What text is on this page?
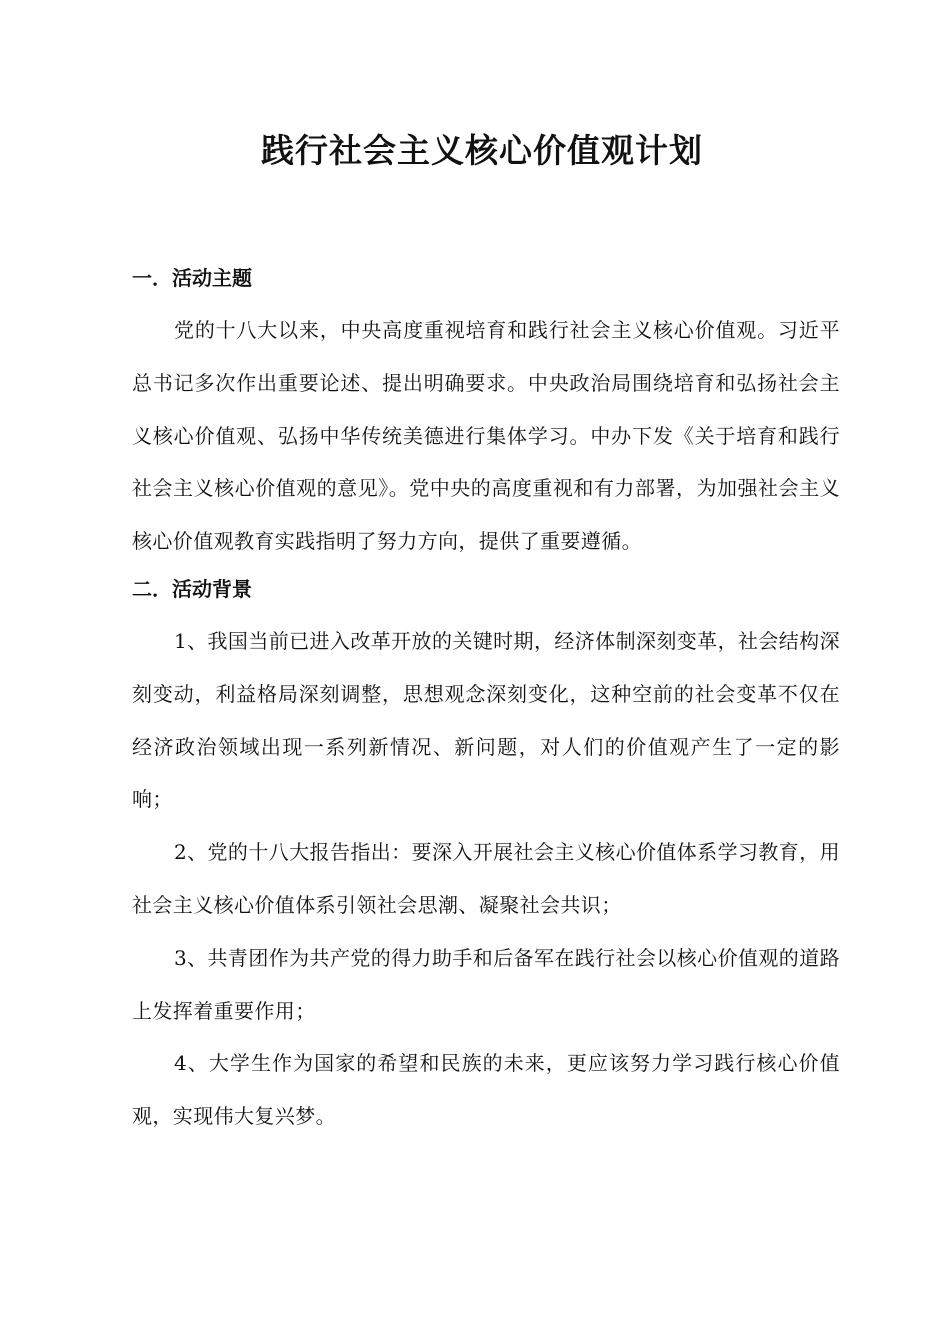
践行社会主义核心价值观计划
一．活动主题

党的十八大以来，中央高度重视培育和践行社会主义核心价值观。习近平总书记多次作出重要论述、提出明确要求。中央政治局围绕培育和弘扬社会主义核心价值观、弘扬中华传统美德进行集体学习。中办下发《关于培育和践行社会主义核心价值观的意见》。党中央的高度重视和有力部署，为加强社会主义核心价值观教育实践指明了努力方向，提供了重要遵循。

二．活动背景

1、我国当前已进入改革开放的关键时期，经济体制深刻变革，社会结构深刻变动，利益格局深刻调整，思想观念深刻变化，这种空前的社会变革不仅在经济政治领域出现一系列新情况、新问题，对人们的价值观产生了一定的影响；

2、党的十八大报告指出：要深入开展社会主义核心价值体系学习教育，用社会主义核心价值体系引领社会思潮、凝聚社会共识；

3、共青团作为共产党的得力助手和后备军在践行社会以核心价值观的道路上发挥着重要作用；

4、大学生作为国家的希望和民族的未来，更应该努力学习践行核心价值观，实现伟大复兴梦。
